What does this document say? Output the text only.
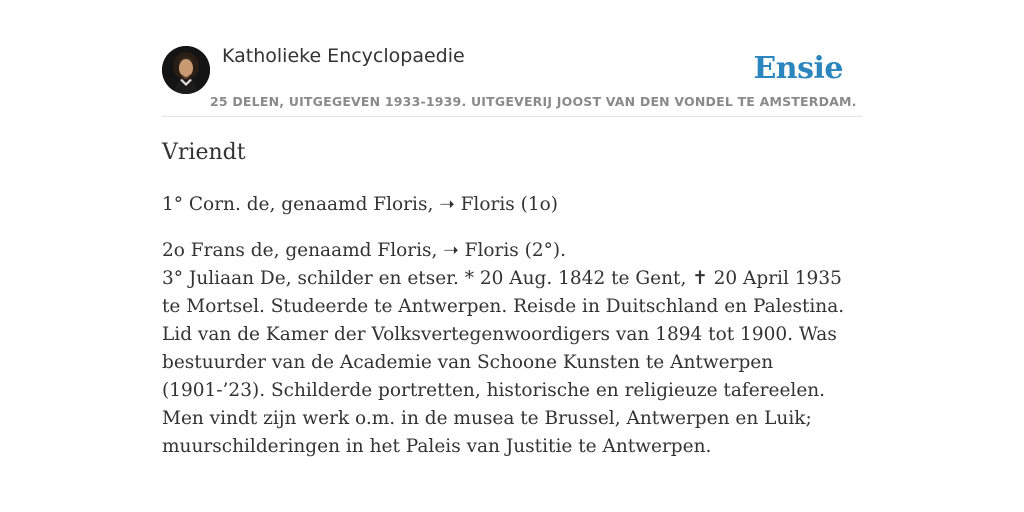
Katholieke Encyclopaedie
25 DELEN, UITGEGEVEN 1933-1939. UITGEVERIJ JOOST VAN DEN VONDEL TE AMSTERDAM.
Ensie
Vriendt

1° Corn. de, genaamd Floris, ➝ Floris (1o)

2o Frans de, genaamd Floris, ➝ Floris (2°).
3° Juliaan De, schilder en etser. * 20 Aug. 1842 te Gent, ✝ 20 April 1935 te Mortsel. Studeerde te Antwerpen. Reisde in Duitschland en Palestina. Lid van de Kamer der Volksvertegenwoordigers van 1894 tot 1900. Was bestuurder van de Academie van Schoone Kunsten te Antwerpen (1901-’23). Schilderde portretten, historische en religieuze tafereelen. Men vindt zijn werk o.m. in de musea te Brussel, Antwerpen en Luik; muurschilderingen in het Paleis van Justitie te Antwerpen.
